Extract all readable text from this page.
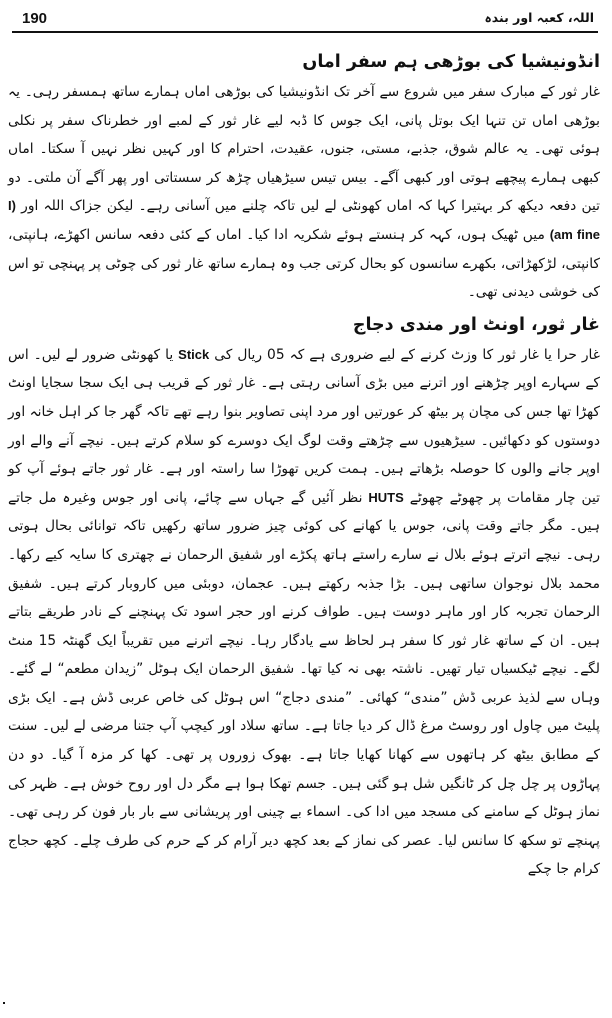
190	اللہ، کعبہ اور بندہ
انڈونیشیا کی بوڑھی ہم سفر اماں

غار ثور کے مبارک سفر میں شروع سے آخر تک انڈونیشیا کی بوڑھی اماں ہمارے ساتھ ہمسفر رہی۔ یہ بوڑھی اماں تن تنہا ایک بوتل پانی، ایک جوس کا ڈبہ لیے غار ثور کے لمبے اور خطرناک سفر پر نکلی ہوئی تھی۔ یہ عالم شوق، جذبے، مستی، جنوں، عقیدت، احترام کا اور کہیں نظر نہیں آ سکتا۔ اماں کبھی ہمارے پیچھے ہوتی اور کبھی آگے۔ بیس تیس سیڑھیاں چڑھ کر سستاتی اور پھر آگے آن ملتی۔ دو تین دفعہ دیکھ کر بہتیرا کہا کہ اماں کھونٹی لے لیں تاکہ چلنے میں آسانی رہے۔ لیکن جزاک اللہ اور (I am fine) میں ٹھیک ہوں، کہہ کر ہنستے ہوئے شکریہ ادا کیا۔ اماں کے کئی دفعہ سانس اکھڑے، ہانپتی، کانپتی، لڑکھڑاتی، بکھرے سانسوں کو بحال کرتی جب وہ ہمارے ساتھ غار ثور کی چوٹی پر پہنچی تو اس کی خوشی دیدنی تھی۔

غار ثور، اونٹ اور مندی دجاج

غار حرا یا غار ثور کا وزٹ کرنے کے لیے ضروری ہے کہ 05 ریال کی Stick یا کھونٹی ضرور لے لیں۔ اس کے سہارے اوپر چڑھنے اور اترنے میں بڑی آسانی رہتی ہے۔ غار ثور کے قریب ہی ایک سجا سجایا اونٹ کھڑا تھا جس کی مچان پر بیٹھ کر عورتیں اور مرد اپنی تصاویر بنوا رہے تھے تاکہ گھر جا کر اہل خانہ اور دوستوں کو دکھائیں۔ سیڑھیوں سے چڑھتے وقت لوگ ایک دوسرے کو سلام کرتے ہیں۔ نیچے آنے والے اور اوپر جانے والوں کا حوصلہ بڑھاتے ہیں۔ ہمت کریں تھوڑا سا راستہ اور ہے۔ غار ثور جاتے ہوئے آپ کو تین چار مقامات پر چھوٹے چھوٹے HUTS نظر آئیں گے جہاں سے چائے، پانی اور جوس وغیرہ مل جاتے ہیں۔ مگر جاتے وقت پانی، جوس یا کھانے کی کوئی چیز ضرور ساتھ رکھیں تاکہ توانائی بحال ہوتی رہی۔ نیچے اترتے ہوئے بلال نے سارے راستے ہاتھ پکڑے اور شفیق الرحمان نے چھتری کا سایہ کیے رکھا۔ محمد بلال نوجوان ساتھی ہیں۔ بڑا جذبہ رکھتے ہیں۔ عجمان، دوبئی میں کاروبار کرتے ہیں۔ شفیق الرحمان تجربہ کار اور ماہر دوست ہیں۔ طواف کرنے اور حجر اسود تک پہنچنے کے نادر طریقے بتاتے ہیں۔ ان کے ساتھ غار ثور کا سفر ہر لحاظ سے یادگار رہا۔ نیچے اترنے میں تقریباً ایک گھنٹہ 15 منٹ لگے۔ نیچے ٹیکسیاں تیار تھیں۔ ناشتہ بھی نہ کیا تھا۔ شفیق الرحمان ایک ہوٹل ”زیدان مطعم“ لے گئے۔ وہاں سے لذیذ عربی ڈش ”مندی“ کھائی۔ ”مندی دجاج“ اس ہوٹل کی خاص عربی ڈش ہے۔ ایک بڑی پلیٹ میں چاول اور روسٹ مرغ ڈال کر دیا جاتا ہے۔ ساتھ سلاد اور کیچپ آپ جتنا مرضی لے لیں۔ سنت کے مطابق بیٹھ کر ہاتھوں سے کھانا کھایا جاتا ہے۔ بھوک زوروں پر تھی۔ کھا کر مزہ آ گیا۔ دو دن پہاڑوں پر چل چل کر ٹانگیں شل ہو گئی ہیں۔ جسم تھکا ہوا ہے مگر دل اور روح خوش ہے۔ ظہر کی نماز ہوٹل کے سامنے کی مسجد میں ادا کی۔ اسماء بے چینی اور پریشانی سے بار بار فون کر رہی تھی۔ پہنچے تو سکھ کا سانس لیا۔ عصر کی نماز کے بعد کچھ دیر آرام کر کے حرم کی طرف چلے۔ کچھ حجاج کرام جا چکے
